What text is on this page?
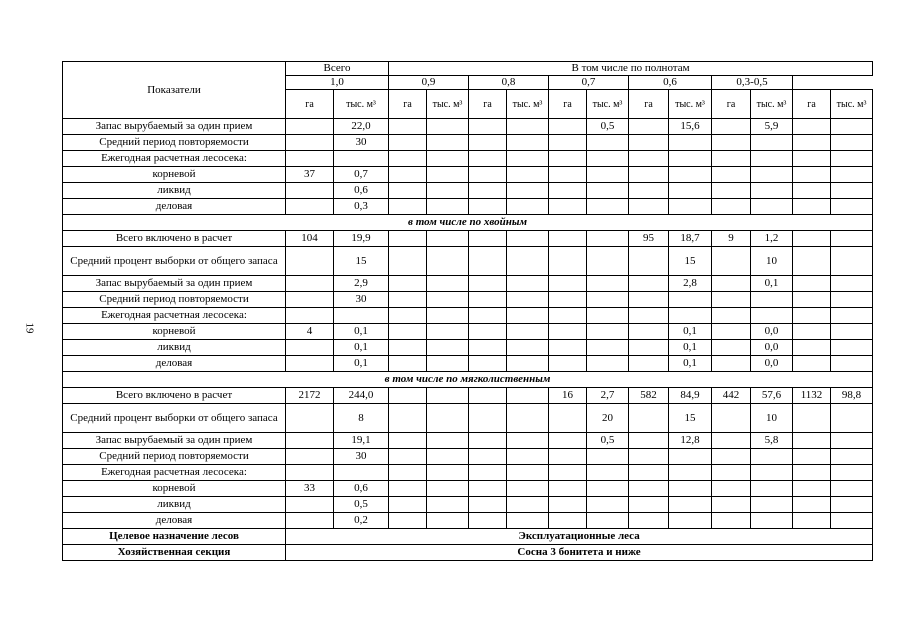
19
Показатели	Всего		В том числе по полнотам											
	1,0		0,9		0,8		0,7		0,6		0,3-0,5			
	га	тыс. м³	га	тыс. м³	га	тыс. м³	га	тыс. м³	га	тыс. м³	га	тыс. м³	га	тыс. м³
Запас вырубаемый за один прием		22,0						0,5		15,6		5,9		
Средний период повторяемости		30												
Ежегодная расчетная лесосека:														
корневой	37	0,7												
ликвид		0,6												
деловая		0,3												
в том числе по хвойным														
Всего включено в расчет	104	19,9							95	18,7	9	1,2		
Средний процент выборки от общего запаса		15								15		10		
Запас вырубаемый за один прием		2,9								2,8		0,1		
Средний период повторяемости		30												
Ежегодная расчетная лесосека:														
корневой	4	0,1								0,1		0,0		
ликвид		0,1								0,1		0,0		
деловая		0,1								0,1		0,0		
в том числе по мягколиственным														
Всего включено в расчет	2172	244,0					16	2,7	582	84,9	442	57,6	1132	98,8
Средний процент выборки от общего запаса		8						20		15		10		
Запас вырубаемый за один прием		19,1						0,5		12,8		5,8		
Средний период повторяемости		30												
Ежегодная расчетная лесосека:														
корневой	33	0,6												
ликвид		0,5												
деловая		0,2												
Целевое назначение лесов	Эксплуатационные леса													
Хозяйственная секция	Сосна 3 бонитета и ниже													
